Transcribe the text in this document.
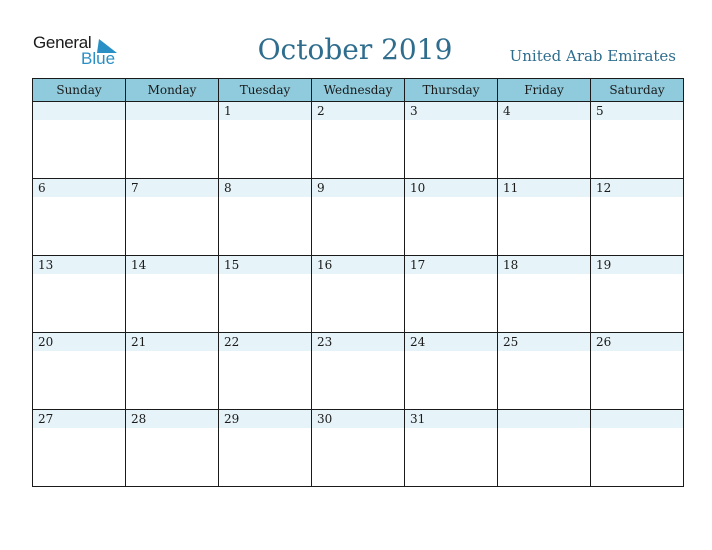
General
Blue	October 2019	United Arab Emirates
Sunday	Monday	Tuesday	Wednesday	Thursday	Friday	Saturday

		1	2	3	4	5

6	7	8	9	10	11	12

13	14	15	16	17	18	19

20	21	22	23	24	25	26

27	28	29	30	31		
